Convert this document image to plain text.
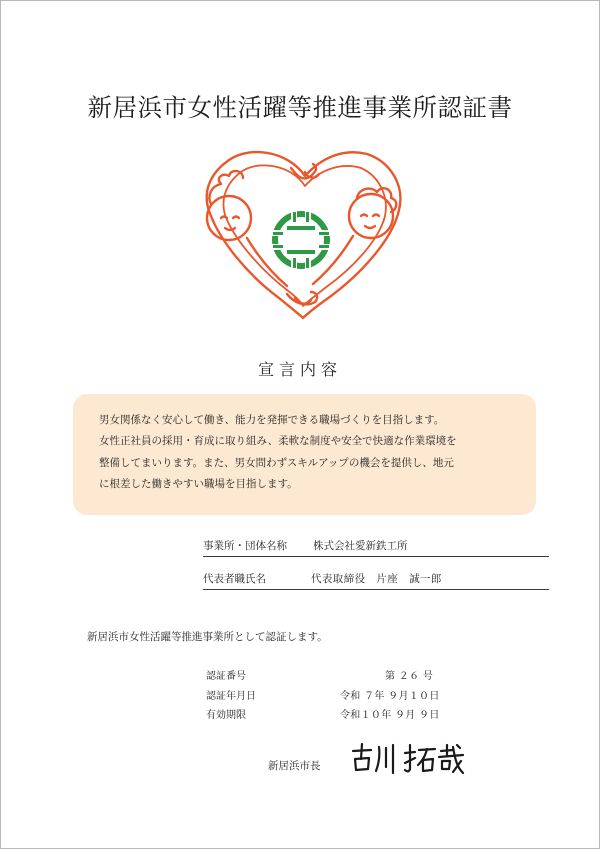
新居浜市女性活躍等推進事業所認証書
宣言内容
男女関係なく安心して働き、能力を発揮できる職場づくりを目指します。
女性正社員の採用・育成に取り組み、柔軟な制度や安全で快適な作業環境を
整備してまいります。また、男女問わずスキルアップの機会を提供し、地元
に根差した働きやすい職場を目指します。
事業所・団体名称 株式会社愛新鉄工所
代表者職氏名	代表取締役　片座　誠一郎
新居浜市女性活躍等推進事業所として認証します。
認証番号	第 ２６ 号
認証年月日	令和 ７年 ９月１０日
有効期限	令和１０年 ９月 ９日
新居浜市長
